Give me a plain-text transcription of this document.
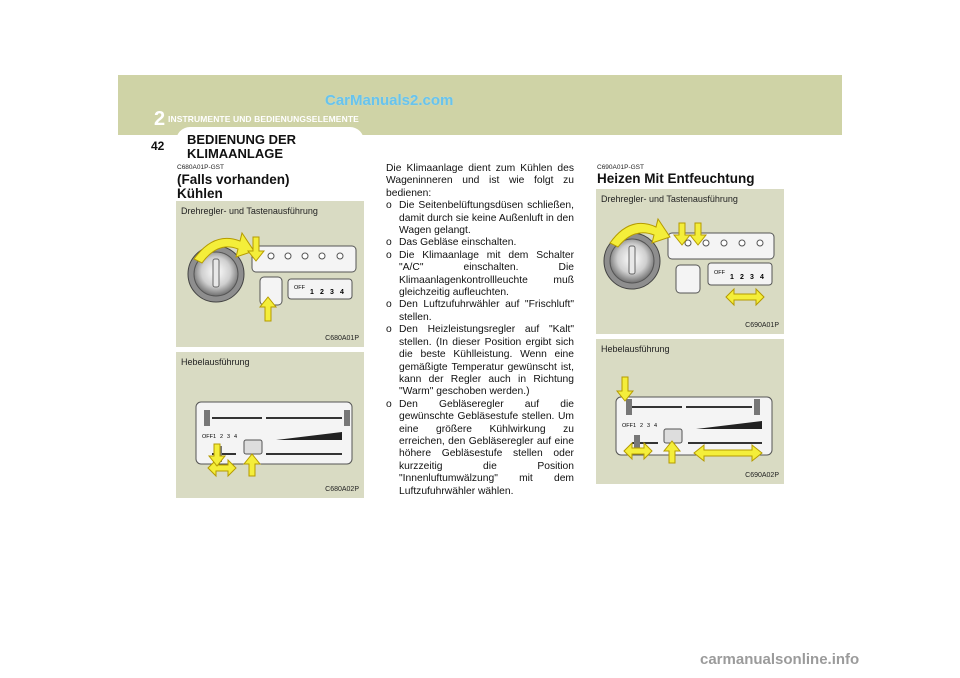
2 INSTRUMENTE UND BEDIENUNGSELEMENTE
CarManuals2.com
42 BEDIENUNG DER
KLIMAANLAGE
C680A01P-GST
(Falls vorhanden)
Kühlen
Drehregler- und Tastenausführung
C680A01P
OFF
1 2 3 4
Hebelausführung
C680A02P
OFF 1 2 3 4

Die Klimaanlage dient zum Kühlen des Wageninneren und ist wie folgt zu bedienen:

o Die Seitenbelüftungsdüsen schließen, damit durch sie keine Außenluft in den Wagen gelangt.
o Das Gebläse einschalten.
o Die Klimaanlage mit dem Schalter "A/C" einschalten. Die Klimaanlagenkontrollleuchte muß gleichzeitig aufleuchten.
o Den Luftzufuhrwähler auf "Frischluft" stellen.
o Den Heizleistungsregler auf "Kalt" stellen. (In dieser Position ergibt sich die beste Kühlleistung. Wenn eine gemäßigte Temperatur gewünscht ist, kann der Regler auch in Richtung "Warm" geschoben werden.)
o Den Gebläseregler auf die gewünschte Gebläsestufe stellen. Um eine größere Kühlwirkung zu erreichen, den Gebläseregler auf eine höhere Gebläsestufe stellen oder kurzzeitig die Position "Innenluftumwälzung" mit dem Luftzufuhrwähler wählen.
C690A01P-GST
Heizen Mit Entfeuchtung
Drehregler- und Tastenausführung
C690A01P
OFF
1 2 3 4
Hebelausführung
C690A02P
OFF 1 2 3 4
carmanualsonline.info
